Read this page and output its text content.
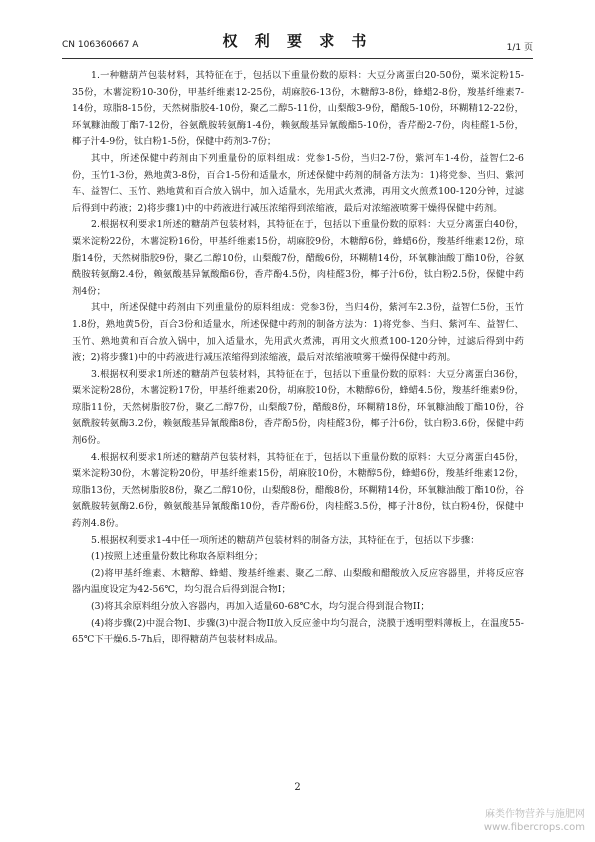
CN 106360667 A	权 利 要 求 书	1/1 页

1.一种糖葫芦包装材料，其特征在于，包括以下重量份数的原料：大豆分离蛋白20-50份，粟米淀粉15-35份，木薯淀粉10-30份，甲基纤维素12-25份，胡麻胶6-13份，木糖醇3-8份，蜂蜡2-8份，羧基纤维素7-14份，琼脂8-15份，天然树脂胶4-10份，聚乙二醇5-11份，山梨酸3-9份，醋酸5-10份，环糊精12-22份，环氧糠油酸丁酯7-12份，谷氨酰胺转氨酶1-4份，赖氨酸基异氰酸酯5-10份，香芹酚2-7份，肉桂醛1-5份，椰子汁4-9份，钛白粉1-5份，保健中药剂3-7份；

其中，所述保健中药剂由下列重量份的原料组成：党参1-5份，当归2-7份，紫河车1-4份，益智仁2-6份，玉竹1-3份，熟地黄3-8份，百合1-5份和适量水，所述保健中药剂的制备方法为：1)将党参、当归、紫河车、益智仁、玉竹、熟地黄和百合放入锅中，加入适量水，先用武火煮沸，再用文火煎煮100-120分钟，过滤后得到中药液；2)将步骤1)中的中药液进行减压浓缩得到浓缩液，最后对浓缩液喷雾干燥得保健中药剂。

2.根据权利要求1所述的糖葫芦包装材料，其特征在于，包括以下重量份数的原料：大豆分离蛋白40份，粟米淀粉22份，木薯淀粉16份，甲基纤维素15份，胡麻胶9份，木糖醇6份，蜂蜡6份，羧基纤维素12份，琼脂14份，天然树脂胶9份，聚乙二醇10份，山梨酸7份，醋酸6份，环糊精14份，环氧糠油酸丁酯10份，谷氨酰胺转氨酶2.4份，赖氨酸基异氰酸酯6份，香芹酚4.5份，肉桂醛3份，椰子汁6份，钛白粉2.5份，保健中药剂4份；

其中，所述保健中药剂由下列重量份的原料组成：党参3份，当归4份，紫河车2.3份，益智仁5份，玉竹1.8份，熟地黄5份，百合3份和适量水，所述保健中药剂的制备方法为：1)将党参、当归、紫河车、益智仁、玉竹、熟地黄和百合放入锅中，加入适量水，先用武火煮沸，再用文火煎煮100-120分钟，过滤后得到中药液；2)将步骤1)中的中药液进行减压浓缩得到浓缩液，最后对浓缩液喷雾干燥得保健中药剂。

3.根据权利要求1所述的糖葫芦包装材料，其特征在于，包括以下重量份数的原料：大豆分离蛋白36份，粟米淀粉28份，木薯淀粉17份，甲基纤维素20份，胡麻胶10份，木糖醇6份，蜂蜡4.5份，羧基纤维素9份，琼脂11份，天然树脂胶7份，聚乙二醇7份，山梨酸7份，醋酸8份，环糊精18份，环氧糠油酸丁酯10份，谷氨酰胺转氨酶3.2份，赖氨酸基异氰酸酯8份，香芹酚5份，肉桂醛3份，椰子汁6份，钛白粉3.6份，保健中药剂6份。

4.根据权利要求1所述的糖葫芦包装材料，其特征在于，包括以下重量份数的原料：大豆分离蛋白45份，粟米淀粉30份，木薯淀粉20份，甲基纤维素15份，胡麻胶10份，木糖醇5份，蜂蜡6份，羧基纤维素12份，琼脂13份，天然树脂胶8份，聚乙二醇10份，山梨酸8份，醋酸8份，环糊精14份，环氧糠油酸丁酯10份，谷氨酰胺转氨酶2.6份，赖氨酸基异氰酸酯10份，香芹酚6份，肉桂醛3.5份，椰子汁8份，钛白粉4份，保健中药剂4.8份。

5.根据权利要求1-4中任一项所述的糖葫芦包装材料的制备方法，其特征在于，包括以下步骤：

(1)按照上述重量份数比称取各原料组分；

(2)将甲基纤维素、木糖醇、蜂蜡、羧基纤维素、聚乙二醇、山梨酸和醋酸放入反应容器里，并将反应容器内温度设定为42-56℃，均匀混合后得到混合物I；

(3)将其余原料组分放入容器内，再加入适量60-68℃水，均匀混合得到混合物II；

(4)将步骤(2)中混合物I、步骤(3)中混合物II放入反应釜中均匀混合，浇膜于透明塑料薄板上，在温度55-65℃下干燥6.5-7h后，即得糖葫芦包装材料成品。

2
麻类作物营养与施肥网
www.fibercrops.com
